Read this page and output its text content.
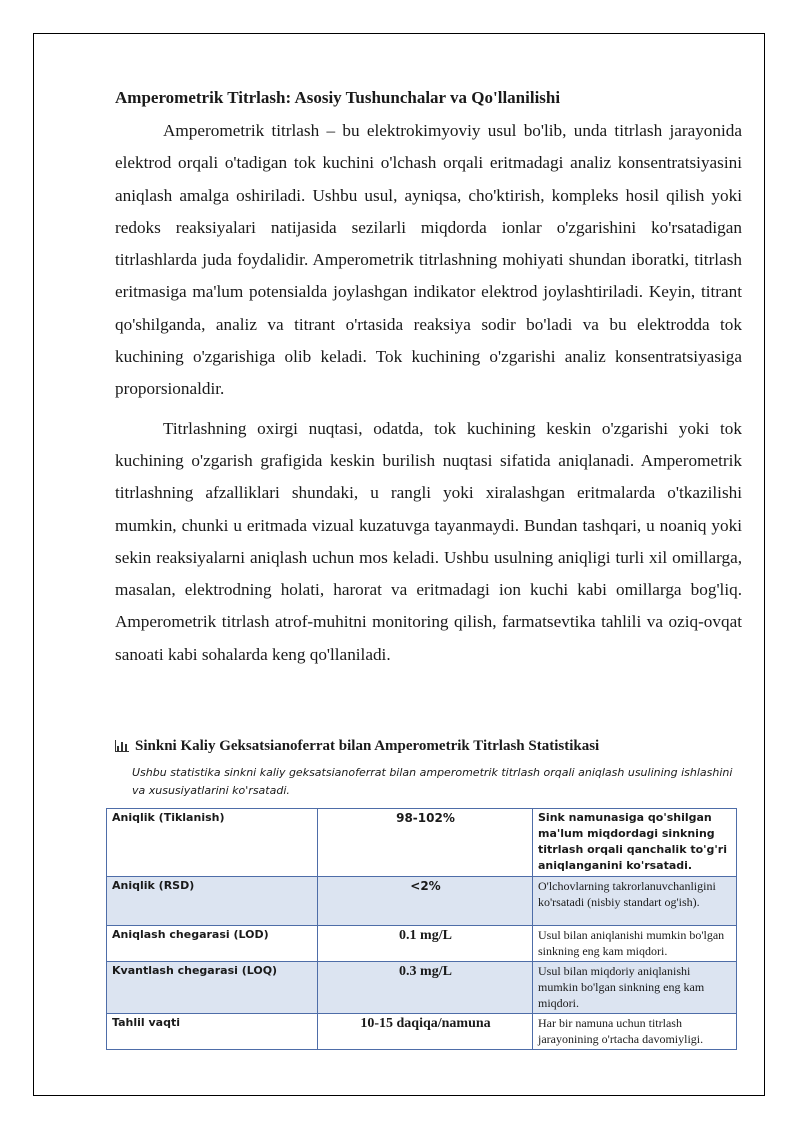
Amperometrik Titrlash: Asosiy Tushunchalar va Qo'llanilishi

Amperometrik titrlash – bu elektrokimyoviy usul bo'lib, unda titrlash jarayonida elektrod orqali o'tadigan tok kuchini o'lchash orqali eritmadagi analiz konsentratsiyasini aniqlash amalga oshiriladi. Ushbu usul, ayniqsa, cho'ktirish, kompleks hosil qilish yoki redoks reaksiyalari natijasida sezilarli miqdorda ionlar o'zgarishini ko'rsatadigan titrlashlarda juda foydalidir. Amperometrik titrlashning mohiyati shundan iboratki, titrlash eritmasiga ma'lum potensialda joylashgan indikator elektrod joylashtiriladi. Keyin, titrant qo'shilganda, analiz va titrant o'rtasida reaksiya sodir bo'ladi va bu elektrodda tok kuchining o'zgarishiga olib keladi. Tok kuchining o'zgarishi analiz konsentratsiyasiga proporsionaldir.

Titrlashning oxirgi nuqtasi, odatda, tok kuchining keskin o'zgarishi yoki tok kuchining o'zgarish grafigida keskin burilish nuqtasi sifatida aniqlanadi. Amperometrik titrlashning afzalliklari shundaki, u rangli yoki xiralashgan eritmalarda o'tkazilishi mumkin, chunki u eritmada vizual kuzatuvga tayanmaydi. Bundan tashqari, u noaniq yoki sekin reaksiyalarni aniqlash uchun mos keladi. Ushbu usulning aniqligi turli xil omillarga, masalan, elektrodning holati, harorat va eritmadagi ion kuchi kabi omillarga bog'liq. Amperometrik titrlash atrof-muhitni monitoring qilish, farmatsevtika tahlili va oziq-ovqat sanoati kabi sohalarda keng qo'llaniladi.

Sinkni Kaliy Geksatsianoferrat bilan Amperometrik Titrlash Statistikasi
Ushbu statistika sinkni kaliy geksatsianoferrat bilan amperometrik titrlash orqali aniqlash usulining ishlashini va xususiyatlarini ko'rsatadi.
Aniqlik (Tiklanish)	98-102%	Sink namunasiga qo'shilgan ma'lum miqdordagi sinkning titrlash orqali qanchalik to'g'ri aniqlanganini ko'rsatadi.
Aniqlik (RSD)	<2%	O'lchovlarning takrorlanuvchanligini ko'rsatadi (nisbiy standart og'ish).
Aniqlash chegarasi (LOD)	0.1 mg/L	Usul bilan aniqlanishi mumkin bo'lgan sinkning eng kam miqdori.
Kvantlash chegarasi (LOQ)	0.3 mg/L	Usul bilan miqdoriy aniqlanishi mumkin bo'lgan sinkning eng kam miqdori.
Tahlil vaqti	10-15 daqiqa/namuna	Har bir namuna uchun titrlash jarayonining o'rtacha davomiyligi.
